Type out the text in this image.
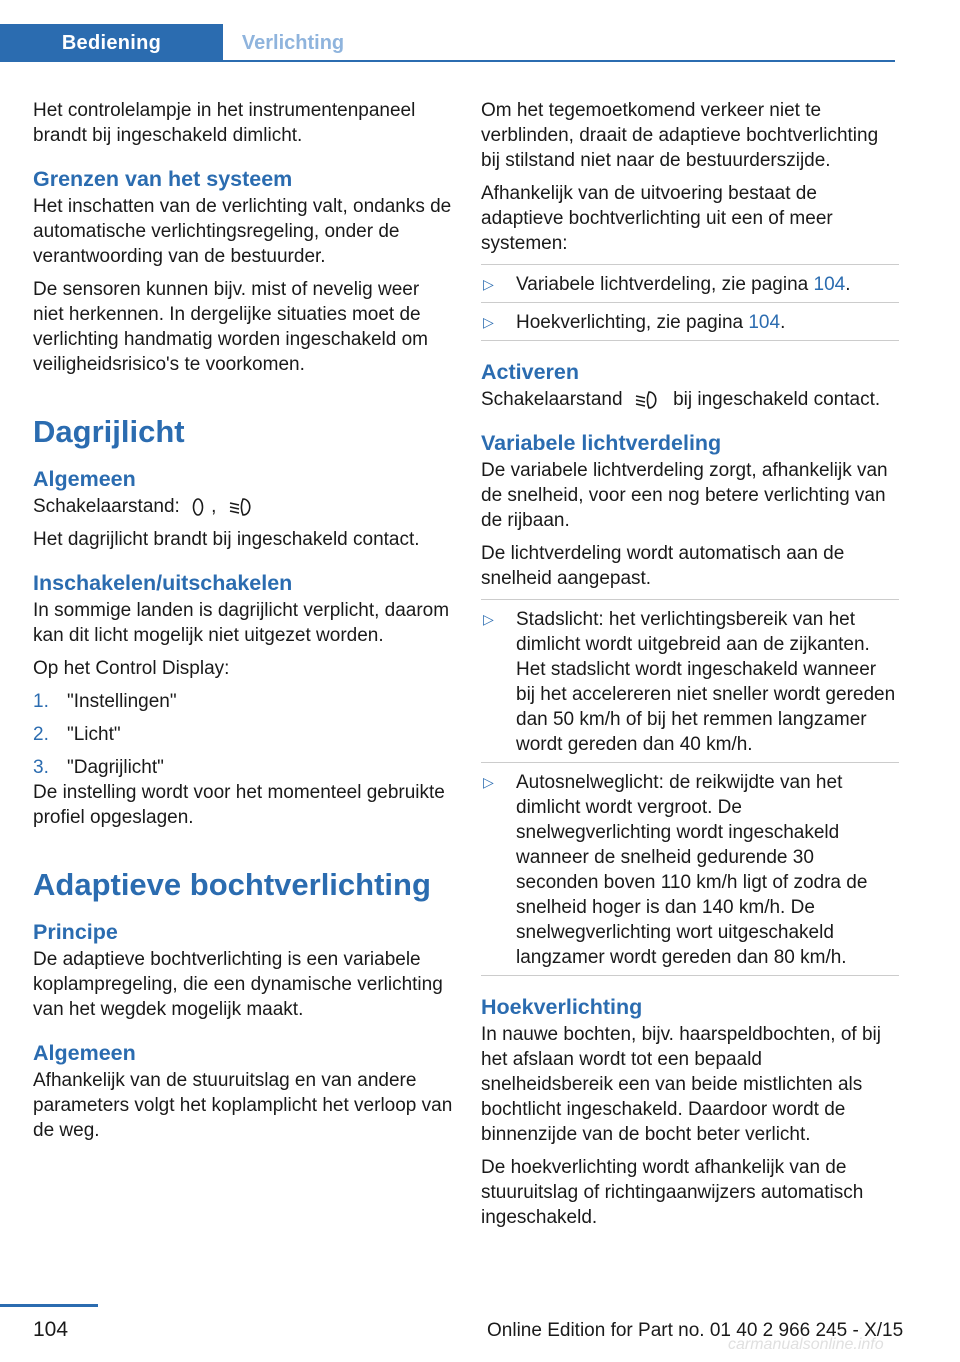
Bediening	Verlichting

Het controlelampje in het instrumentenpaneel brandt bij ingeschakeld dimlicht.

Grenzen van het systeem

Het inschatten van de verlichting valt, ondanks de automatische verlichtingsregeling, onder de verantwoording van de bestuurder.

De sensoren kunnen bijv. mist of nevelig weer niet herkennen. In dergelijke situaties moet de verlichting handmatig worden ingeschakeld om veiligheidsrisico's te voorkomen.

Dagrijlicht
Algemeen

Schakelaarstand: ,

Het dagrijlicht brandt bij ingeschakeld contact.

Inschakelen/uitschakelen

In sommige landen is dagrijlicht verplicht, daarom kan dit licht mogelijk niet uitgezet worden.

Op het Control Display:

1. "Instellingen"
2. "Licht"
3. "Dagrijlicht"

De instelling wordt voor het momenteel gebruikte profiel opgeslagen.

Adaptieve bochtverlichting
Principe

De adaptieve bochtverlichting is een variabele koplampregeling, die een dynamische verlichting van het wegdek mogelijk maakt.

Algemeen

Afhankelijk van de stuuruitslag en van andere parameters volgt het koplamplicht het verloop van de weg.

Om het tegemoetkomend verkeer niet te verblinden, draait de adaptieve bochtverlichting bij stilstand niet naar de bestuurderszijde.

Afhankelijk van de uitvoering bestaat de adaptieve bochtverlichting uit een of meer systemen:

▷	Variabele lichtverdeling, zie pagina 104.
▷	Hoekverlichting, zie pagina 104.
Activeren

Schakelaarstand	bij ingeschakeld contact.

Variabele lichtverdeling

De variabele lichtverdeling zorgt, afhankelijk van de snelheid, voor een nog betere verlichting van de rijbaan.

De lichtverdeling wordt automatisch aan de snelheid aangepast.

▷	Stadslicht: het verlichtingsbereik van het dimlicht wordt uitgebreid aan de zijkanten. Het stadslicht wordt ingeschakeld wanneer bij het accelereren niet sneller wordt gereden dan 50 km/h of bij het remmen langzamer wordt gereden dan 40 km/h.
▷	Autosnelweglicht: de reikwijdte van het dimlicht wordt vergroot. De snelwegverlichting wordt ingeschakeld wanneer de snelheid gedurende 30 seconden boven 110 km/h ligt of zodra de snelheid hoger is dan 140 km/h. De snelwegverlichting wort uitgeschakeld langzamer wordt gereden dan 80 km/h.
Hoekverlichting

In nauwe bochten, bijv. haarspeldbochten, of bij het afslaan wordt tot een bepaald snelheidsbereik een van beide mistlichten als bochtlicht ingeschakeld. Daardoor wordt de binnenzijde van de bocht beter verlicht.

De hoekverlichting wordt afhankelijk van de stuuruitslag of richtingaanwijzers automatisch ingeschakeld.

104	Online Edition for Part no. 01 40 2 966 245 - X/15
carmanualsonline.info
